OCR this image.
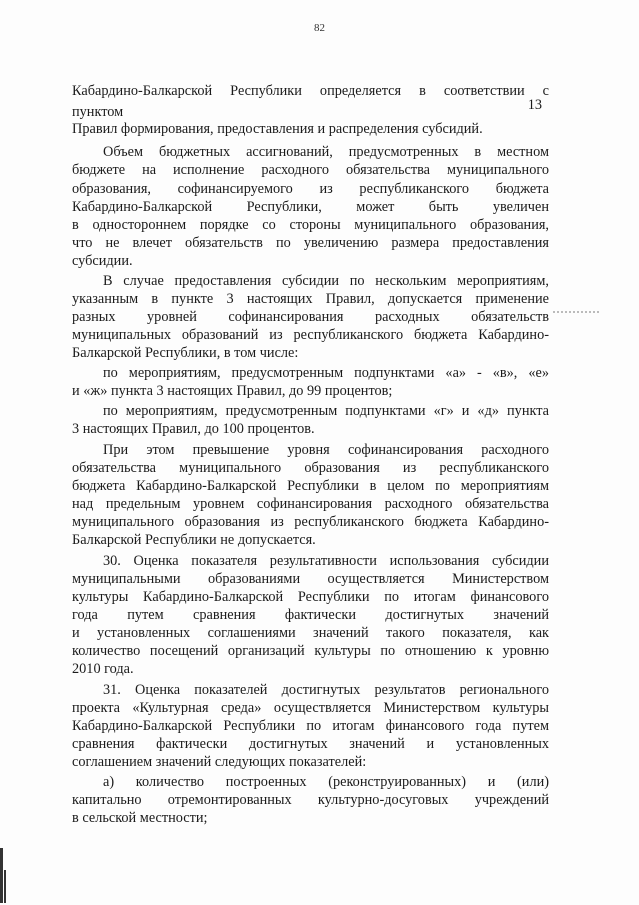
82
Кабардино-Балкарской Республики определяется в соответствии с
13
пунктом
Правил формирования, предоставления и распределения субсидий.
Объем бюджетных ассигнований, предусмотренных в местном
бюджете на исполнение расходного обязательства муниципального
образования, софинансируемого из республиканского бюджета
Кабардино-Балкарской Республики, может быть увеличен
в одностороннем порядке со стороны муниципального образования,
что не влечет обязательств по увеличению размера предоставления
субсидии.
В случае предоставления субсидии по нескольким мероприятиям,
указанным в пункте 3 настоящих Правил, допускается применение
разных уровней софинансирования расходных обязательств
муниципальных образований из республиканского бюджета Кабардино-
Балкарской Республики, в том числе:
по мероприятиям, предусмотренным подпунктами «а» - «в», «е»
и «ж» пункта 3 настоящих Правил, до 99 процентов;
по мероприятиям, предусмотренным подпунктами «г» и «д» пункта
3 настоящих Правил, до 100 процентов.
При этом превышение уровня софинансирования расходного
обязательства муниципального образования из республиканского
бюджета Кабардино-Балкарской Республики в целом по мероприятиям
над предельным уровнем софинансирования расходного обязательства
муниципального образования из республиканского бюджета Кабардино-
Балкарской Республики не допускается.
30. Оценка показателя результативности использования субсидии
муниципальными образованиями осуществляется Министерством
культуры Кабардино-Балкарской Республики по итогам финансового
года путем сравнения фактически достигнутых значений
и установленных соглашениями значений такого показателя, как
количество посещений организаций культуры по отношению к уровню
2010 года.
31. Оценка показателей достигнутых результатов регионального
проекта «Культурная среда» осуществляется Министерством культуры
Кабардино-Балкарской Республики по итогам финансового года путем
сравнения фактически достигнутых значений и установленных
соглашением значений следующих показателей:
а) количество построенных (реконструированных) и (или)
капитально отремонтированных культурно-досуговых учреждений
в сельской местности;
